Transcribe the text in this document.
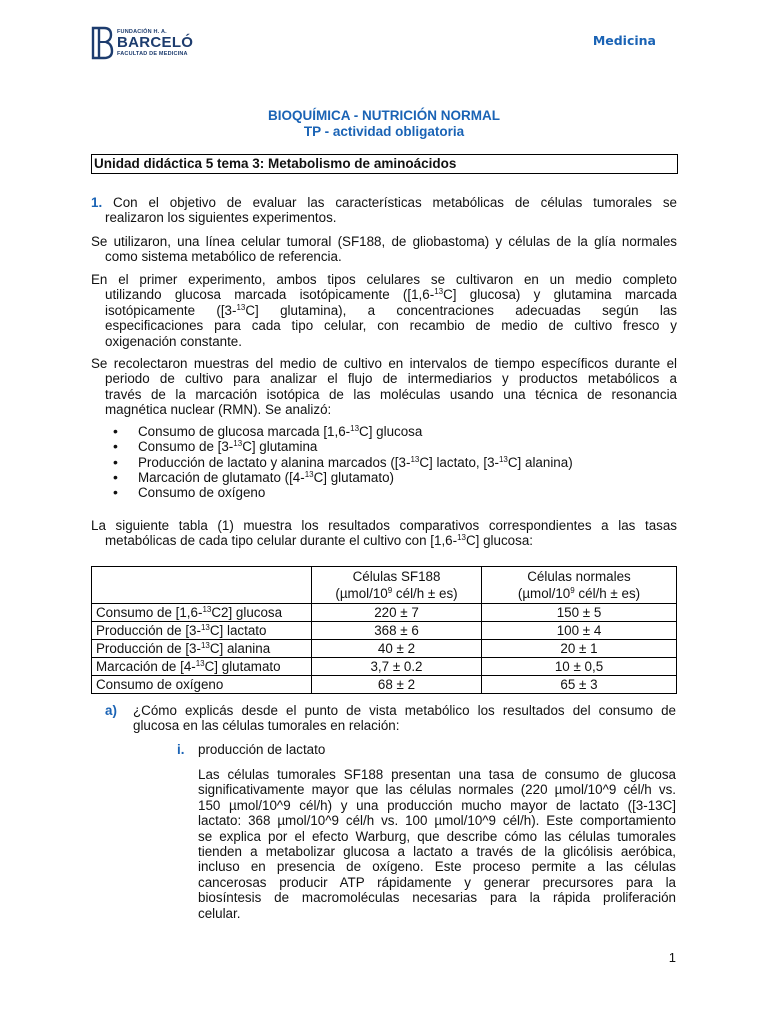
FUNDACIÓN H. A.
BARCELÓ
FACULTAD DE MEDICINA
Medicina
BIOQUÍMICA - NUTRICIÓN NORMAL
TP - actividad obligatoria
Unidad didáctica 5 tema 3: Metabolismo de aminoácidos
1. Con el objetivo de evaluar las características metabólicas de células tumorales se
realizaron los siguientes experimentos.
Se utilizaron, una línea celular tumoral (SF188, de gliobastoma) y células de la glía normales
como sistema metabólico de referencia.
En el primer experimento, ambos tipos celulares se cultivaron en un medio completo
utilizando glucosa marcada isotópicamente ([1,6-$^{13}$C] glucosa) y glutamina marcada
isotópicamente ([3-$^{13}$C] glutamina), a concentraciones adecuadas según las
especificaciones para cada tipo celular, con recambio de medio de cultivo fresco y
oxigenación constante.
Se recolectaron muestras del medio de cultivo en intervalos de tiempo específicos durante el
periodo de cultivo para analizar el flujo de intermediarios y productos metabólicos a
través de la marcación isotópica de las moléculas usando una técnica de resonancia
magnética nuclear (RMN). Se analizó:
• Consumo de glucosa marcada [1,6-$^{13}$C] glucosa
• Consumo de [3-$^{13}$C] glutamina
• Producción de lactato y alanina marcados ([3-$^{13}$C] lactato, [3-$^{13}$C] alanina)
• Marcación de glutamato ([4-$^{13}$C] glutamato)
• Consumo de oxígeno
La siguiente tabla (1) muestra los resultados comparativos correspondientes a las tasas
metabólicas de cada tipo celular durante el cultivo con [1,6-$^{13}$C] glucosa:
	Células SF188	Células normales
	($\mu mol/10^9$ cél/h ± es)	($\mu mol/10^9$ cél/h ± es)
Consumo de [1,6-$^{13}$C2] glucosa	220 ± 7	150 ± 5
Producción de [3-$^{13}$C] lactato	368 ± 6	100 ± 4
Producción de [3-$^{13}$C] alanina	40 ± 2	20 ± 1
Marcación de [4-$^{13}$C] glutamato	3,7 ± 0.2	10 ± 0,5
Consumo de oxígeno	68 ± 2	65 ± 3
a) ¿Cómo explicás desde el punto de vista metabólico los resultados del consumo de

glucosa en las células tumorales en relación:

i. producción de lactato

Las células tumorales SF188 presentan una tasa de consumo de glucosa

significativamente mayor que las células normales (220 µmol/10^9 cél/h vs.

150 µmol/10^9 cél/h) y una producción mucho mayor de lactato ([3-13C]

lactato: 368 µmol/10^9 cél/h vs. 100 µmol/10^9 cél/h). Este comportamiento

se explica por el efecto Warburg, que describe cómo las células tumorales

tienden a metabolizar glucosa a lactato a través de la glicólisis aeróbica,

incluso en presencia de oxígeno. Este proceso permite a las células

cancerosas producir ATP rápidamente y generar precursores para la

biosíntesis de macromoléculas necesarias para la rápida proliferación

celular.

1
